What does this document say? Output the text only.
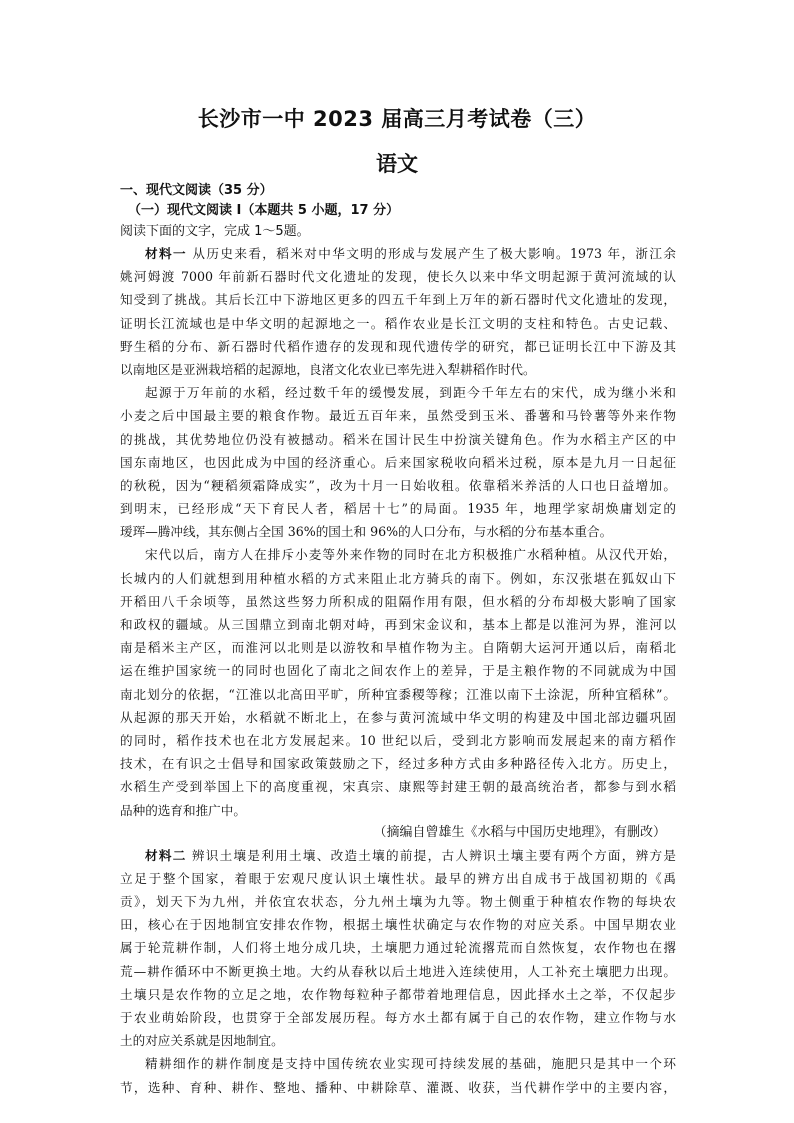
长沙市一中 2023 届高三月考试卷（三）
语文
一、现代文阅读（35 分）
（一）现代文阅读 I（本题共 5 小题，17 分）
阅读下面的文字，完成 1～5题。
材料一 从历史来看，稻米对中华文明的形成与发展产生了极大影响。1973 年，浙江余
姚河姆渡 7000 年前新石器时代文化遗址的发现，使长久以来中华文明起源于黄河流域的认
知受到了挑战。其后长江中下游地区更多的四五千年到上万年的新石器时代文化遗址的发现，
证明长江流域也是中华文明的起源地之一。稻作农业是长江文明的支柱和特色。古史记载、
野生稻的分布、新石器时代稻作遗存的发现和现代遗传学的研究，都已证明长江中下游及其
以南地区是亚洲栽培稻的起源地，良渚文化农业已率先进入犁耕稻作时代。
起源于万年前的水稻，经过数千年的缓慢发展，到距今千年左右的宋代，成为继小米和
小麦之后中国最主要的粮食作物。最近五百年来，虽然受到玉米、番薯和马铃薯等外来作物
的挑战，其优势地位仍没有被撼动。稻米在国计民生中扮演关键角色。作为水稻主产区的中
国东南地区，也因此成为中国的经济重心。后来国家税收向稻米过税，原本是九月一日起征
的秋税，因为“粳稻须霜降成实”，改为十月一日始收租。依靠稻米养活的人口也日益增加。
到明末，已经形成“天下育民人者，稻居十七”的局面。1935 年，地理学家胡焕庸划定的
瑷珲—腾冲线，其东侧占全国 36%的国土和 96%的人口分布，与水稻的分布基本重合。
宋代以后，南方人在排斥小麦等外来作物的同时在北方积极推广水稻种植。从汉代开始，
长城内的人们就想到用种植水稻的方式来阻止北方骑兵的南下。例如，东汉张堪在狐奴山下
开稻田八千余顷等，虽然这些努力所积成的阻隔作用有限，但水稻的分布却极大影响了国家
和政权的疆域。从三国鼎立到南北朝对峙，再到宋金议和，基本上都是以淮河为界，淮河以
南是稻米主产区，而淮河以北则是以游牧和旱植作物为主。自隋朝大运河开通以后，南稻北
运在维护国家统一的同时也固化了南北之间农作上的差异，于是主粮作物的不同就成为中国
南北划分的依据，“江淮以北高田平旷，所种宜黍稷等稼；江淮以南下土涂泥，所种宜稻秫”。
从起源的那天开始，水稻就不断北上，在参与黄河流域中华文明的构建及中国北部边疆巩固
的同时，稻作技术也在北方发展起来。10 世纪以后，受到北方影响而发展起来的南方稻作
技术，在有识之士倡导和国家政策鼓励之下，经过多种方式由多种路径传入北方。历史上，
水稻生产受到举国上下的高度重视，宋真宗、康熙等封建王朝的最高统治者，都参与到水稻
品种的选育和推广中。
（摘编自曾雄生《水稻与中国历史地理》，有删改）
材料二 辨识土壤是利用土壤、改造土壤的前提，古人辨识土壤主要有两个方面，辨方是
立足于整个国家，着眼于宏观尺度认识土壤性状。最早的辨方出自成书于战国初期的《禹
贡》，划天下为九州，并依宜农状态，分九州土壤为九等。物土侧重于种植农作物的每块农
田，核心在于因地制宜安排农作物，根据土壤性状确定与农作物的对应关系。中国早期农业
属于轮荒耕作制，人们将土地分成几块，土壤肥力通过轮流撂荒而自然恢复，农作物也在撂
荒—耕作循环中不断更换土地。大约从春秋以后土地进入连续使用，人工补充土壤肥力出现。
土壤只是农作物的立足之地，农作物每粒种子都带着地理信息，因此择水土之举，不仅起步
于农业萌始阶段，也贯穿于全部发展历程。每方水土都有属于自己的农作物，建立作物与水
土的对应关系就是因地制宜。
精耕细作的耕作制度是支持中国传统农业实现可持续发展的基础，施肥只是其中一个环
节，选种、育种、耕作、整地、播种、中耕除草、灌溉、收获，当代耕作学中的主要内容，
